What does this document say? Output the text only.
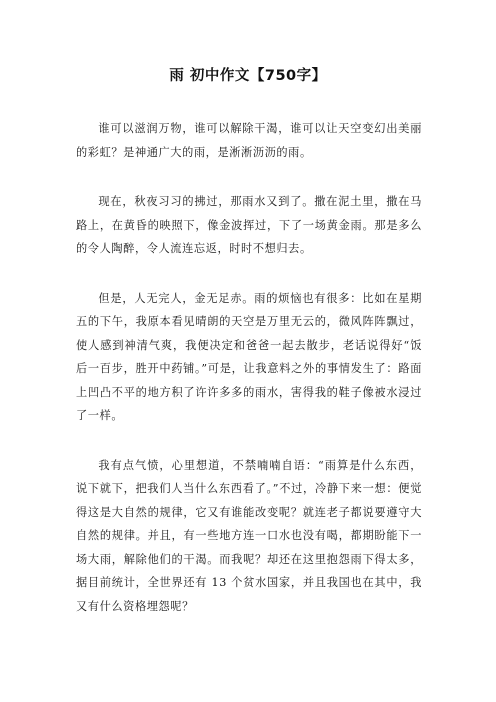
雨 初中作文【750字】

谁可以滋润万物，谁可以解除干渴，谁可以让天空变幻出美丽的彩虹？是神通广大的雨，是淅淅沥沥的雨。

现在，秋夜习习的拂过，那雨水又到了。撒在泥土里，撒在马路上，在黄昏的映照下，像金波挥过，下了一场黄金雨。那是多么的令人陶醉，令人流连忘返，时时不想归去。

但是，人无完人，金无足赤。雨的烦恼也有很多：比如在星期五的下午，我原本看见晴朗的天空是万里无云的，微风阵阵飘过，使人感到神清气爽，我便决定和爸爸一起去散步，老话说得好“饭后一百步，胜开中药铺。”可是，让我意料之外的事情发生了：路面上凹凸不平的地方积了许许多多的雨水，害得我的鞋子像被水浸过了一样。

我有点气愤，心里想道，不禁喃喃自语：“雨算是什么东西，说下就下，把我们人当什么东西看了。”不过，冷静下来一想：便觉得这是大自然的规律，它又有谁能改变呢？就连老子都说要遵守大自然的规律。并且，有一些地方连一口水也没有喝，都期盼能下一场大雨，解除他们的干渴。而我呢？却还在这里抱怨雨下得太多，据目前统计，全世界还有 13 个贫水国家，并且我国也在其中，我又有什么资格埋怨呢？
